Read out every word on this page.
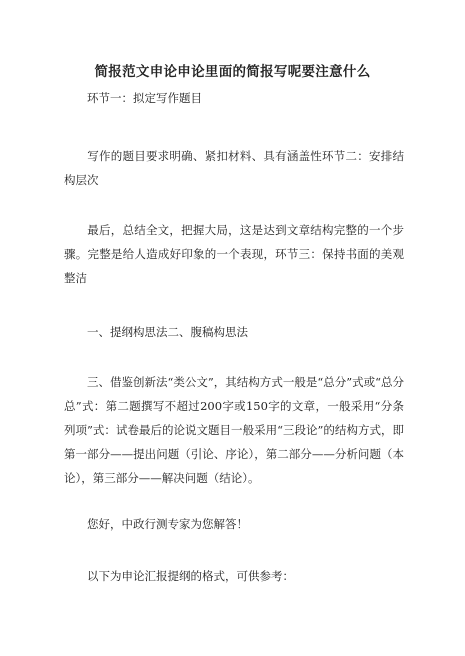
简报范文申论申论里面的简报写呢要注意什么
环节一：拟定写作题目
写作的题目要求明确、紧扣材料、具有涵盖性环节二：安排结构层次
最后，总结全文，把握大局，这是达到文章结构完整的一个步骤。完整是给人造成好印象的一个表现，环节三：保持书面的美观整洁
一、提纲构思法二、腹稿构思法
三、借鉴创新法“类公文”，其结构方式一般是“总分”式或“总分总”式：第二题撰写不超过200字或150字的文章，一般采用“分条列项”式：试卷最后的论说文题目一般采用“三段论”的结构方式，即第一部分——提出问题（引论、序论），第二部分——分析问题（本论），第三部分——解决问题（结论）。
您好，中政行测专家为您解答！
以下为申论汇报提纲的格式，可供参考：
